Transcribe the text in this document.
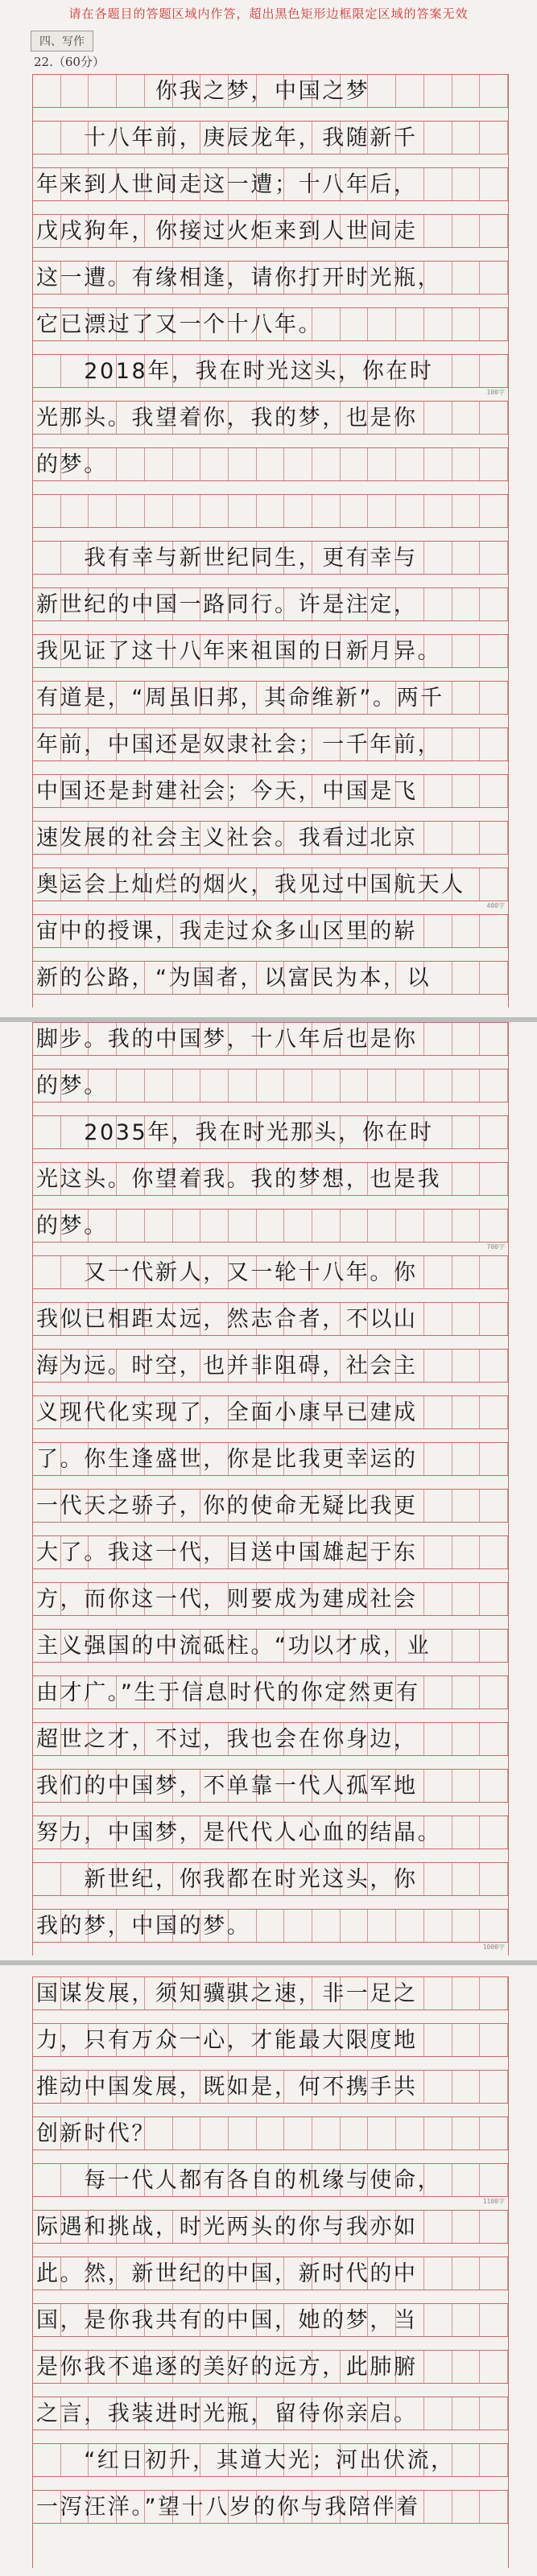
请在各题目的答题区域内作答，超出黑色矩形边框限定区域的答案无效
四、写作
22.（60分）
　　　　　你我之梦，中国之梦
　　十八年前，庚辰龙年，我随新千
年来到人世间走这一遭；十八年后，
戊戌狗年，你接过火炬来到人世间走
这一遭。有缘相逢，请你打开时光瓶，
它已漂过了又一个十八年。
　　2018年，我在时光这头，你在时
100字
光那头。我望着你，我的梦，也是你
的梦。
　　我有幸与新世纪同生，更有幸与
新世纪的中国一路同行。许是注定，
我见证了这十八年来祖国的日新月异。
有道是，“周虽旧邦，其命维新”。两千
年前，中国还是奴隶社会；一千年前，
中国还是封建社会；今天，中国是飞
速发展的社会主义社会。我看过北京
奥运会上灿烂的烟火，我见过中国航天人
400字
宙中的授课，我走过众多山区里的崭
新的公路，“为国者，以富民为本，以
脚步。我的中国梦，十八年后也是你
的梦。
　　2035年，我在时光那头，你在时
光这头。你望着我。我的梦想，也是我
的梦。
700字
　　又一代新人，又一轮十八年。你
我似已相距太远，然志合者，不以山
海为远。时空，也并非阻碍，社会主
义现代化实现了，全面小康早已建成
了。你生逢盛世，你是比我更幸运的
一代天之骄子，你的使命无疑比我更
大了。我这一代，目送中国雄起于东
方，而你这一代，则要成为建成社会
主义强国的中流砥柱。“功以才成，业
由才广。”生于信息时代的你定然更有
超世之才，不过，我也会在你身边，
我们的中国梦，不单靠一代人孤军地
努力，中国梦，是代代人心血的结晶。
　　新世纪，你我都在时光这头，你
我的梦，中国的梦。
1000字
国谋发展，须知骥骐之速，非一足之
力，只有万众一心，才能最大限度地
推动中国发展，既如是，何不携手共
创新时代？
　　每一代人都有各自的机缘与使命，
1100字
际遇和挑战，时光两头的你与我亦如
此。然，新世纪的中国，新时代的中
国，是你我共有的中国，她的梦，当
是你我不追逐的美好的远方，此肺腑
之言，我装进时光瓶，留待你亲启。
　　“红日初升，其道大光；河出伏流，
一泻汪洋。”望十八岁的你与我陪伴着
